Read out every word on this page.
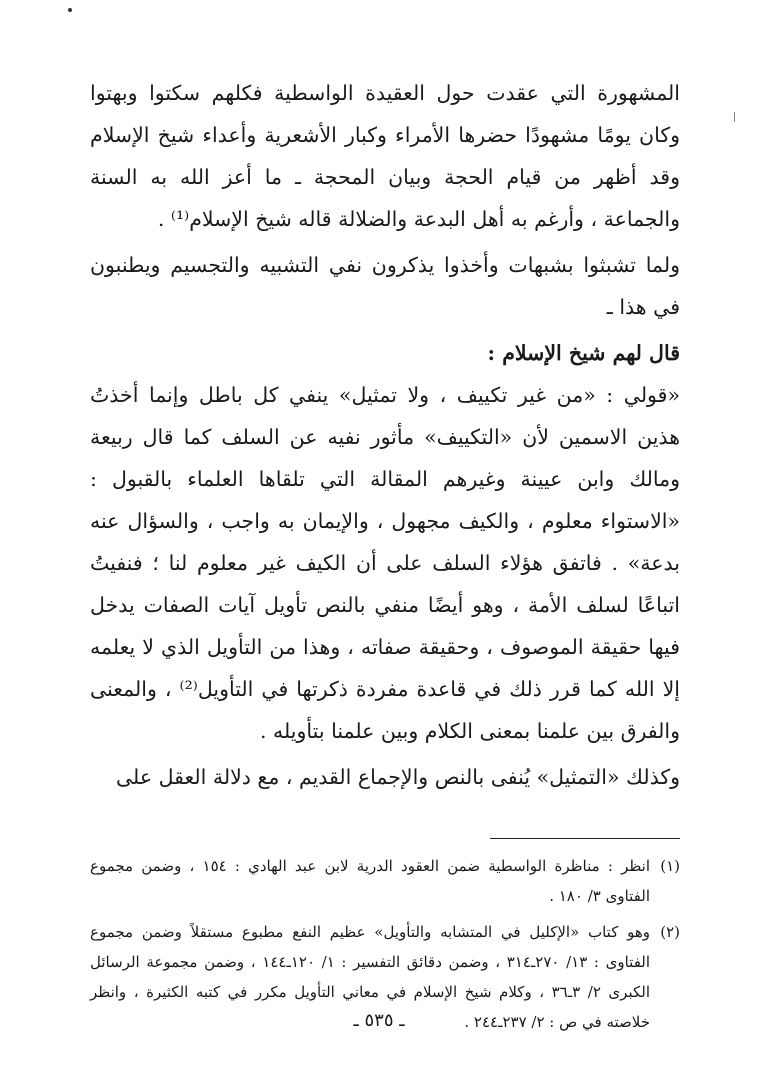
المشهورة التي عقدت حول العقيدة الواسطية فكلهم سكتوا وبهتوا وكان يومًا مشهودًا حضرها الأمراء وكبار الأشعرية وأعداء شيخ الإسلام وقد أظهر من قيام الحجة وبيان المحجة ـ ما أعز الله به السنة والجماعة ، وأرغم به أهل البدعة والضلالة قاله شيخ الإسلام⁽¹⁾ .

ولما تشبثوا بشبهات وأخذوا يذكرون نفي التشبيه والتجسيم ويطنبون في هذا ـ

قال لهم شيخ الإسلام :

«قولي : «من غير تكييف ، ولا تمثيل» ينفي كل باطل وإنما أخذتُ هذين الاسمين لأن «التكييف» مأثور نفيه عن السلف كما قال ربيعة ومالك وابن عيينة وغيرهم المقالة التي تلقاها العلماء بالقبول : «الاستواء معلوم ، والكيف مجهول ، والإيمان به واجب ، والسؤال عنه بدعة» . فاتفق هؤلاء السلف على أن الكيف غير معلوم لنا ؛ فنفيتُ اتباعًا لسلف الأمة ، وهو أيضًا منفي بالنص تأويل آيات الصفات يدخل فيها حقيقة الموصوف ، وحقيقة صفاته ، وهذا من التأويل الذي لا يعلمه إلا الله كما قرر ذلك في قاعدة مفردة ذكرتها في التأويل⁽²⁾ ، والمعنى والفرق بين علمنا بمعنى الكلام وبين علمنا بتأويله .

وكذلك «التمثيل» يُنفى بالنص والإجماع القديم ، مع دلالة العقل على

(١)
انظر : مناظرة الواسطية ضمن العقود الدرية لابن عبد الهادي : ١٥٤ ، وضمن مجموع الفتاوى ٣/ ١٨٠ .
(٢)
وهو كتاب «الإكليل في المتشابه والتأويل» عظيم النفع مطبوع مستقلاً وضمن مجموع الفتاوى : ١٣/ ٢٧٠ـ٣١٤ ، وضمن دقائق التفسير : ١/ ١٢٠ـ١٤٤ ، وضمن مجموعة الرسائل الكبرى ٢/ ٣ـ٣٦ ، وكلام شيخ الإسلام في معاني التأويل مكرر في كتبه الكثيرة ، وانظر خلاصته في ص : ٢/ ٢٣٧ـ٢٤٤ .
ـ ٥٣٥ ـ
